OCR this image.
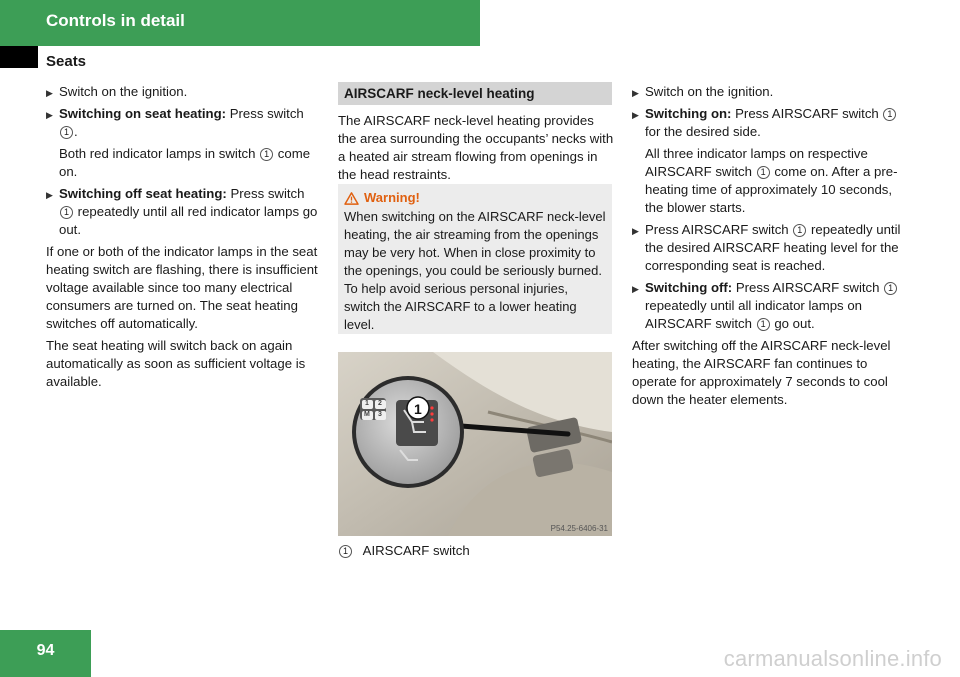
Controls in detail
Seats
▶ Switch on the ignition.
▶ Switching on seat heating: Press switch 1 .
Both red indicator lamps in switch 1 come on.
▶ Switching off seat heating: Press switch 1 repeatedly until all red indicator lamps go out.

If one or both of the indicator lamps in the seat heating switch are flashing, there is insufficient voltage available since too many electrical consumers are turned on. The seat heating switches off automatically.

The seat heating will switch back on again automatically as soon as sufficient voltage is available.

AIRSCARF neck-level heating

The AIRSCARF neck-level heating provides the area surrounding the occupants’ necks with a heated air stream flowing from openings in the head restraints.

Warning!
When switching on the AIRSCARF neck-level heating, the air streaming from the openings may be very hot. When in close proximity to the openings, you could be seriously burned. To help avoid serious personal injuries, switch the AIRSCARF to a lower heating level.
1
1 2
M 3
P54.25-6406-31
1 AIRSCARF switch
▶ Switch on the ignition.
▶ Switching on: Press AIRSCARF switch 1 for the desired side.
All three indicator lamps on respective AIRSCARF switch 1 come on. After a pre-heating time of approximately 10 seconds, the blower starts.
▶ Press AIRSCARF switch 1 repeatedly until the desired AIRSCARF heating level for the corresponding seat is reached.
▶ Switching off: Press AIRSCARF switch 1 repeatedly until all indicator lamps on AIRSCARF switch 1 go out.

After switching off the AIRSCARF neck-level heating, the AIRSCARF fan continues to operate for approximately 7 seconds to cool down the heater elements.

94	carmanualsonline.info
